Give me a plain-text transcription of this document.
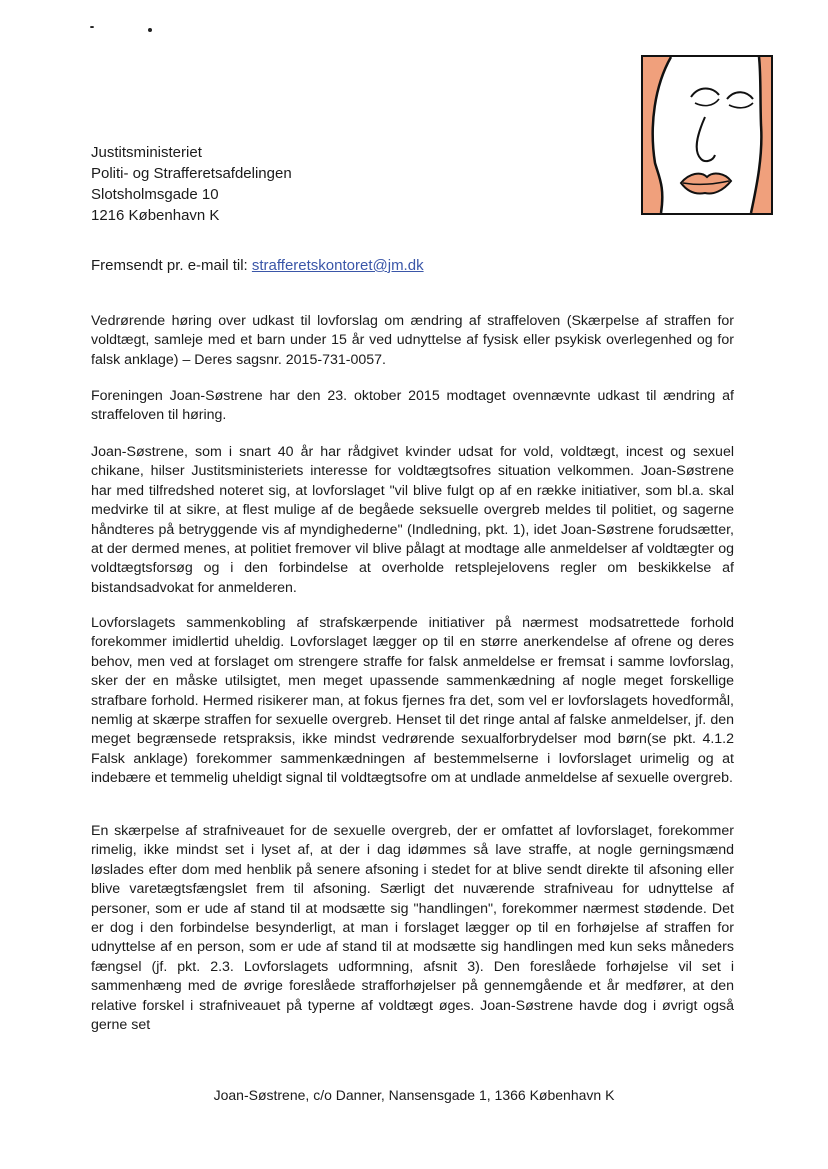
Justitsministeriet
Politi- og Strafferetsafdelingen
Slotsholmsgade 10
1216 København K
Fremsendt pr. e-mail til: strafferetskontoret@jm.dk

Vedrørende høring over udkast til lovforslag om ændring af straffeloven (Skærpelse af straffen for voldtægt, samleje med et barn under 15 år ved udnyttelse af fysisk eller psykisk overlegenhed og for falsk anklage) – Deres sagsnr. 2015-731-0057.

Foreningen Joan-Søstrene har den 23. oktober 2015 modtaget ovennævnte udkast til ændring af straffeloven til høring.

Joan-Søstrene, som i snart 40 år har rådgivet kvinder udsat for vold, voldtægt, incest og sexuel chikane, hilser Justitsministeriets interesse for voldtægtsofres situation velkommen. Joan-Søstrene har med tilfredshed noteret sig, at lovforslaget "vil blive fulgt op af en række initiativer, som bl.a. skal medvirke til at sikre, at flest mulige af de begåede seksuelle overgreb meldes til politiet, og sagerne håndteres på betryggende vis af myndighederne" (Indledning, pkt. 1), idet Joan-Søstrene forudsætter, at der dermed menes, at politiet fremover vil blive pålagt at modtage alle anmeldelser af voldtægter og voldtægtsforsøg og i den forbindelse at overholde retsplejelovens regler om beskikkelse af bistandsadvokat for anmelderen.

Lovforslagets sammenkobling af strafskærpende initiativer på nærmest modsatrettede forhold forekommer imidlertid uheldig. Lovforslaget lægger op til en større anerkendelse af ofrene og deres behov, men ved at forslaget om strengere straffe for falsk anmeldelse er fremsat i samme lovforslag, sker der en måske utilsigtet, men meget upassende sammenkædning af nogle meget forskellige strafbare forhold. Hermed risikerer man, at fokus fjernes fra det, som vel er lovforslagets hovedformål, nemlig at skærpe straffen for sexuelle overgreb. Henset til det ringe antal af falske anmeldelser, jf. den meget begrænsede retspraksis, ikke mindst vedrørende sexualforbrydelser mod børn(se pkt. 4.1.2 Falsk anklage) forekommer sammenkædningen af bestemmelserne i lovforslaget urimelig og at indebære et temmelig uheldigt signal til voldtægtsofre om at undlade anmeldelse af sexuelle overgreb.

En skærpelse af strafniveauet for de sexuelle overgreb, der er omfattet af lovforslaget, forekommer rimelig, ikke mindst set i lyset af, at der i dag idømmes så lave straffe, at nogle gerningsmænd løslades efter dom med henblik på senere afsoning i stedet for at blive sendt direkte til afsoning eller blive varetægtsfængslet frem til afsoning. Særligt det nuværende strafniveau for udnyttelse af personer, som er ude af stand til at modsætte sig "handlingen", forekommer nærmest stødende. Det er dog i den forbindelse besynderligt, at man i forslaget lægger op til en forhøjelse af straffen for udnyttelse af en person, som er ude af stand til at modsætte sig handlingen med kun seks måneders fængsel (jf. pkt. 2.3. Lovforslagets udformning, afsnit 3). Den foreslåede forhøjelse vil set i sammenhæng med de øvrige foreslåede strafforhøjelser på gennemgående et år medfører, at den relative forskel i strafniveauet på typerne af voldtægt øges. Joan-Søstrene havde dog i øvrigt også gerne set

Joan-Søstrene, c/o Danner, Nansensgade 1, 1366 København K
